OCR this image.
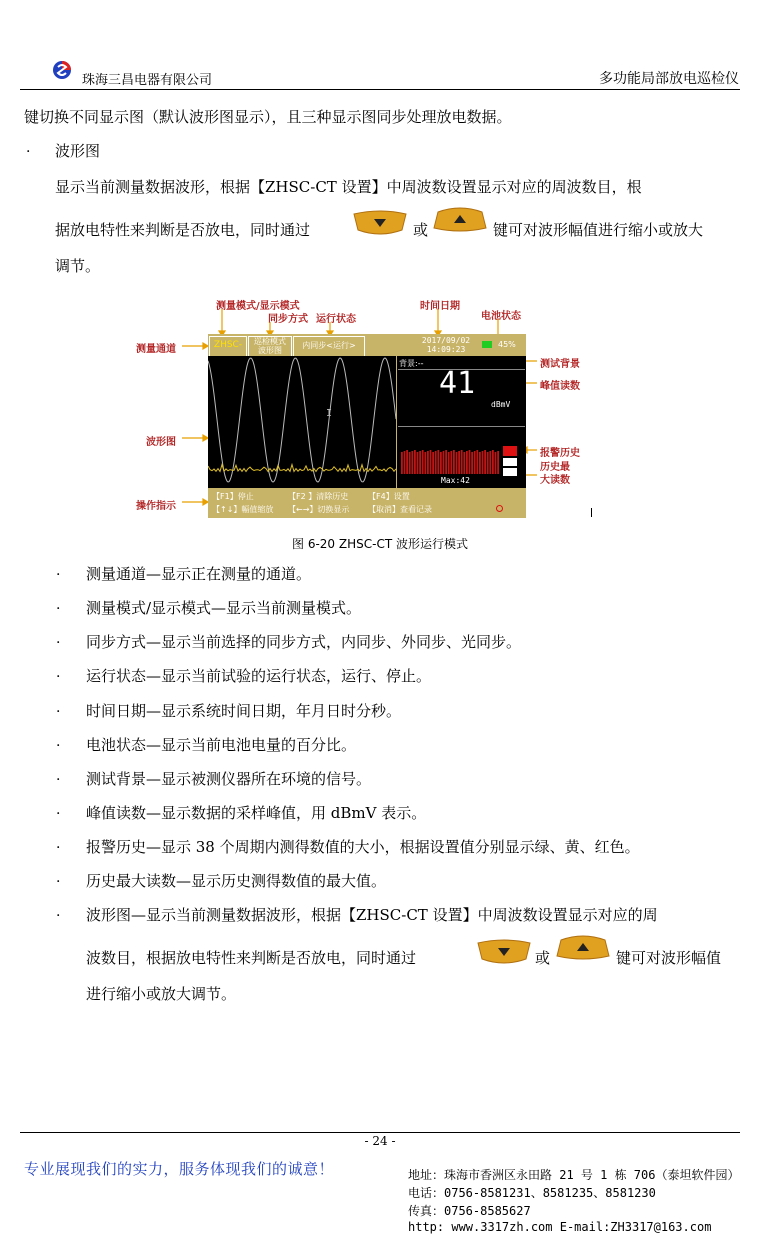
珠海三昌电器有限公司	多功能局部放电巡检仪
键切换不同显示图（默认波形图显示），且三种显示图同步处理放电数据。
· 波形图
显示当前测量数据波形，根据【ZHSC-CT 设置】中周波数设置显示对应的周波数目，根
据放电特性来判断是否放电，同时通过	或	键可对波形幅值进行缩小或放大
调节。
测量模式/显示模式
同步方式 运行状态
时间日期
电池状态
测量通道
测试背景
峰值读数
波形图
报警历史
历史最大读数
操作指示
ZHSC-CT
巡检模式
波形图
内同步<运行>
2017/09/02
14:09:23
45%
I
背景:--
41
dBmV
Max:42
【F1】停止	【F2 】清除历史 【F4】设置
【↑↓】幅值缩放 【←→】切换显示 【取消】查看记录
图 6-20 ZHSC-CT 波形运行模式
· 测量通道—显示正在测量的通道。
· 测量模式/显示模式—显示当前测量模式。
· 同步方式—显示当前选择的同步方式，内同步、外同步、光同步。
· 运行状态—显示当前试验的运行状态，运行、停止。
· 时间日期—显示系统时间日期，年月日时分秒。
· 电池状态—显示当前电池电量的百分比。
· 测试背景—显示被测仪器所在环境的信号。
· 峰值读数—显示数据的采样峰值，用 dBmV 表示。
· 报警历史—显示 38 个周期内测得数值的大小，根据设置值分别显示绿、黄、红色。
· 历史最大读数—显示历史测得数值的最大值。
· 波形图—显示当前测量数据波形，根据【ZHSC-CT 设置】中周波数设置显示对应的周
波数目，根据放电特性来判断是否放电，同时通过	或	键可对波形幅值
进行缩小或放大调节。
- 24 -
专业展现我们的实力，服务体现我们的诚意！	地址：珠海市香洲区永田路 21 号 1 栋 706（泰坦软件园）
电话：0756-8581231、8581235、8581230
传真：0756-8585627
http: www.3317zh.com E-mail:ZH3317@163.com
